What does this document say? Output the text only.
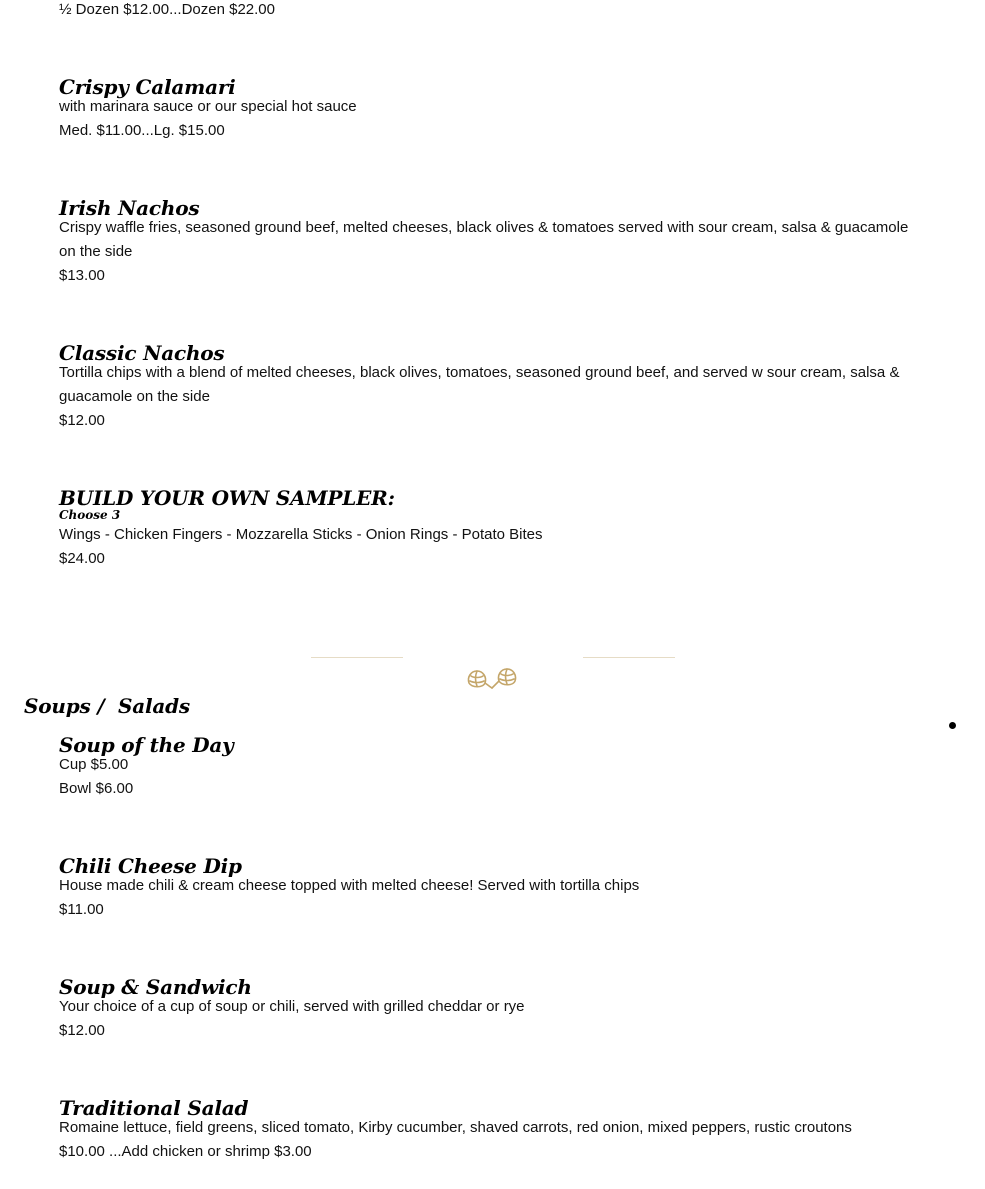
½ Dozen $12.00...Dozen $22.00
Crispy Calamari
with marinara sauce or our special hot sauce
Med. $11.00...Lg. $15.00
Irish Nachos
Crispy waffle fries, seasoned ground beef, melted cheeses, black olives & tomatoes served with sour cream, salsa & guacamole on the side
$13.00
Classic Nachos
Tortilla chips with a blend of melted cheeses, black olives, tomatoes, seasoned ground beef, and served w sour cream, salsa & guacamole on the side
$12.00
BUILD YOUR OWN SAMPLER:
Choose 3
Wings - Chicken Fingers - Mozzarella Sticks - Onion Rings - Potato Bites
$24.00
Soups /  Salads
Soup of the Day
Cup $5.00
Bowl $6.00
Chili Cheese Dip
House made chili & cream cheese topped with melted cheese! Served with tortilla chips
$11.00
Soup & Sandwich
Your choice of a cup of soup or chili, served with grilled cheddar or rye
$12.00
Traditional Salad
Romaine lettuce, field greens, sliced tomato, Kirby cucumber, shaved carrots, red onion, mixed peppers, rustic croutons
$10.00 ...Add chicken or shrimp $3.00
